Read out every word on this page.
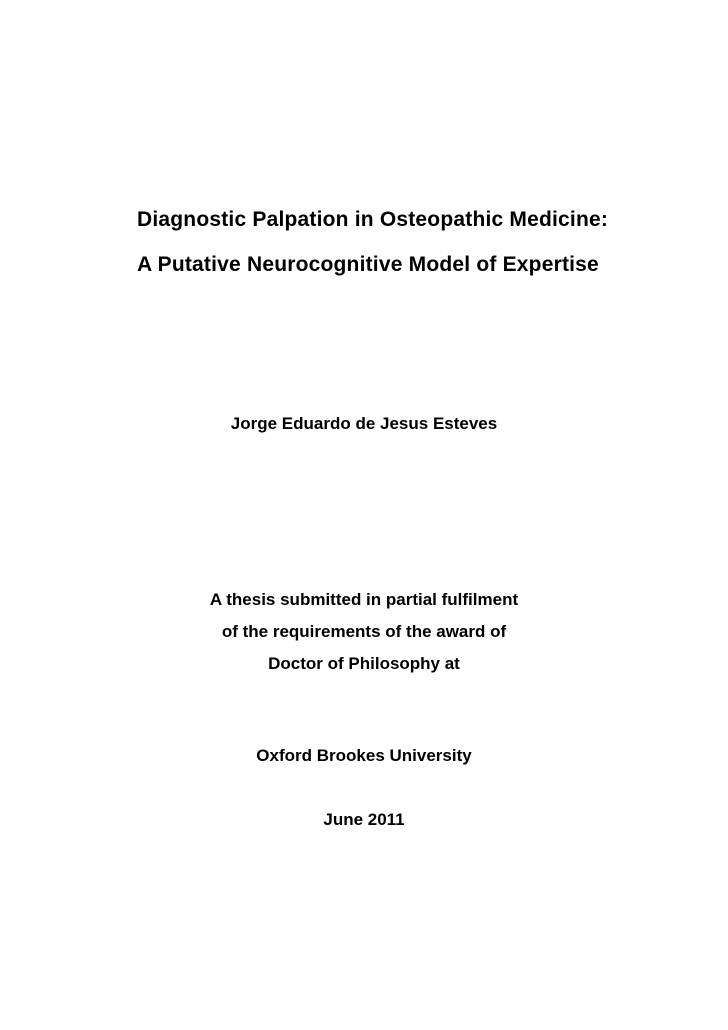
Diagnostic Palpation in Osteopathic Medicine:
A Putative Neurocognitive Model of Expertise

Jorge Eduardo de Jesus Esteves

A thesis submitted in partial fulfilment

of the requirements of the award of

Doctor of Philosophy at

Oxford Brookes University

June 2011
